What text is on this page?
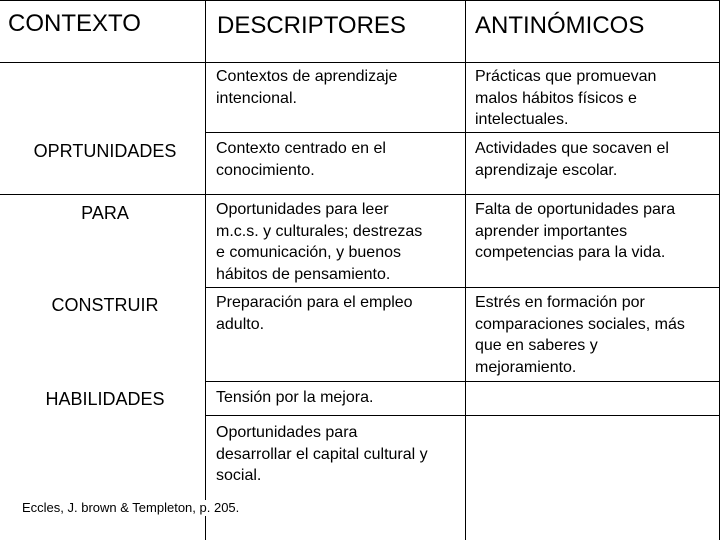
CONTEXTO	DESCRIPTORES	ANTINÓMICOS
OPRTUNIDADES
PARA
CONSTRUIR
HABILIDADES
Contextos de aprendizaje
intencional.
Prácticas que promuevan
malos hábitos físicos e
intelectuales.
Contexto centrado en el
conocimiento.
Actividades que socaven el
aprendizaje escolar.
Oportunidades para leer
m.c.s. y culturales; destrezas
e comunicación, y buenos
hábitos de pensamiento.
Falta de oportunidades para
aprender importantes
competencias para la vida.
Preparación para el empleo
adulto.
Estrés en formación por
comparaciones sociales, más
que en saberes y
mejoramiento.
Tensión por la mejora.
Oportunidades para
desarrollar el capital cultural y
social.
Eccles, J. brown & Templeton, p. 205.
